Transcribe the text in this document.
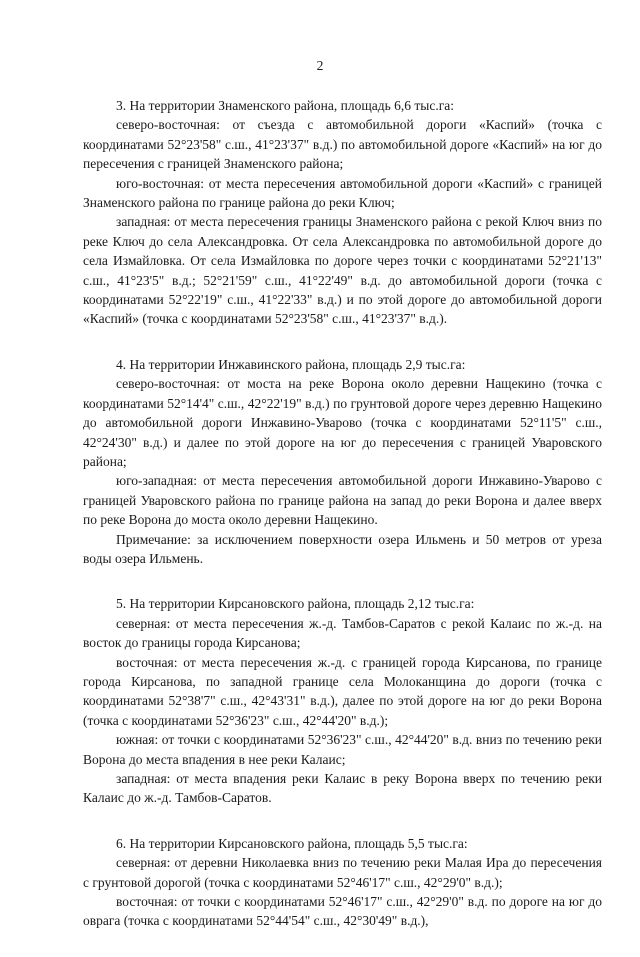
2

3. На территории Знаменского района, площадь 6,6 тыс.га:

северо-восточная: от съезда с автомобильной дороги «Каспий» (точка с координатами 52°23'58" с.ш., 41°23'37" в.д.) по автомобильной дороге «Каспий» на юг до пересечения с границей Знаменского района;

юго-восточная: от места пересечения автомобильной дороги «Каспий» с границей Знаменского района по границе района до реки Ключ;

западная: от места пересечения границы Знаменского района с рекой Ключ вниз по реке Ключ до села Александровка. От села Александровка по автомобильной дороге до села Измайловка. От села Измайловка по дороге через точки с координатами 52°21'13" с.ш., 41°23'5" в.д.; 52°21'59" с.ш., 41°22'49" в.д. до автомобильной дороги (точка с координатами 52°22'19" с.ш., 41°22'33" в.д.) и по этой дороге до автомобильной дороги «Каспий» (точка с координатами 52°23'58" с.ш., 41°23'37" в.д.).

4. На территории Инжавинского района, площадь 2,9 тыс.га:

северо-восточная: от моста на реке Ворона около деревни Нащекино (точка с координатами 52°14'4" с.ш., 42°22'19" в.д.) по грунтовой дороге через деревню Нащекино до автомобильной дороги Инжавино-Уварово (точка с координатами 52°11'5" с.ш., 42°24'30" в.д.) и далее по этой дороге на юг до пересечения с границей Уваровского района;

юго-западная: от места пересечения автомобильной дороги Инжавино-Уварово с границей Уваровского района по границе района на запад до реки Ворона и далее вверх по реке Ворона до моста около деревни Нащекино.

Примечание: за исключением поверхности озера Ильмень и 50 метров от уреза воды озера Ильмень.

5. На территории Кирсановского района, площадь 2,12 тыс.га:

северная: от места пересечения ж.-д. Тамбов-Саратов с рекой Калаис по ж.-д. на восток до границы города Кирсанова;

восточная: от места пересечения ж.-д. с границей города Кирсанова, по границе города Кирсанова, по западной границе села Молоканщина до дороги (точка с координатами 52°38'7" с.ш., 42°43'31" в.д.), далее по этой дороге на юг до реки Ворона (точка с координатами 52°36'23" с.ш., 42°44'20" в.д.);

южная: от точки с координатами 52°36'23" с.ш., 42°44'20" в.д. вниз по течению реки Ворона до места впадения в нее реки Калаис;

западная: от места впадения реки Калаис в реку Ворона вверх по течению реки Калаис до ж.-д. Тамбов-Саратов.

6. На территории Кирсановского района, площадь 5,5 тыс.га:

северная: от деревни Николаевка вниз по течению реки Малая Ира до пересечения с грунтовой дорогой (точка с координатами 52°46'17" с.ш., 42°29'0" в.д.);

восточная: от точки с координатами 52°46'17" с.ш., 42°29'0" в.д. по дороге на юг до оврага (точка с координатами 52°44'54" с.ш., 42°30'49" в.д.),
